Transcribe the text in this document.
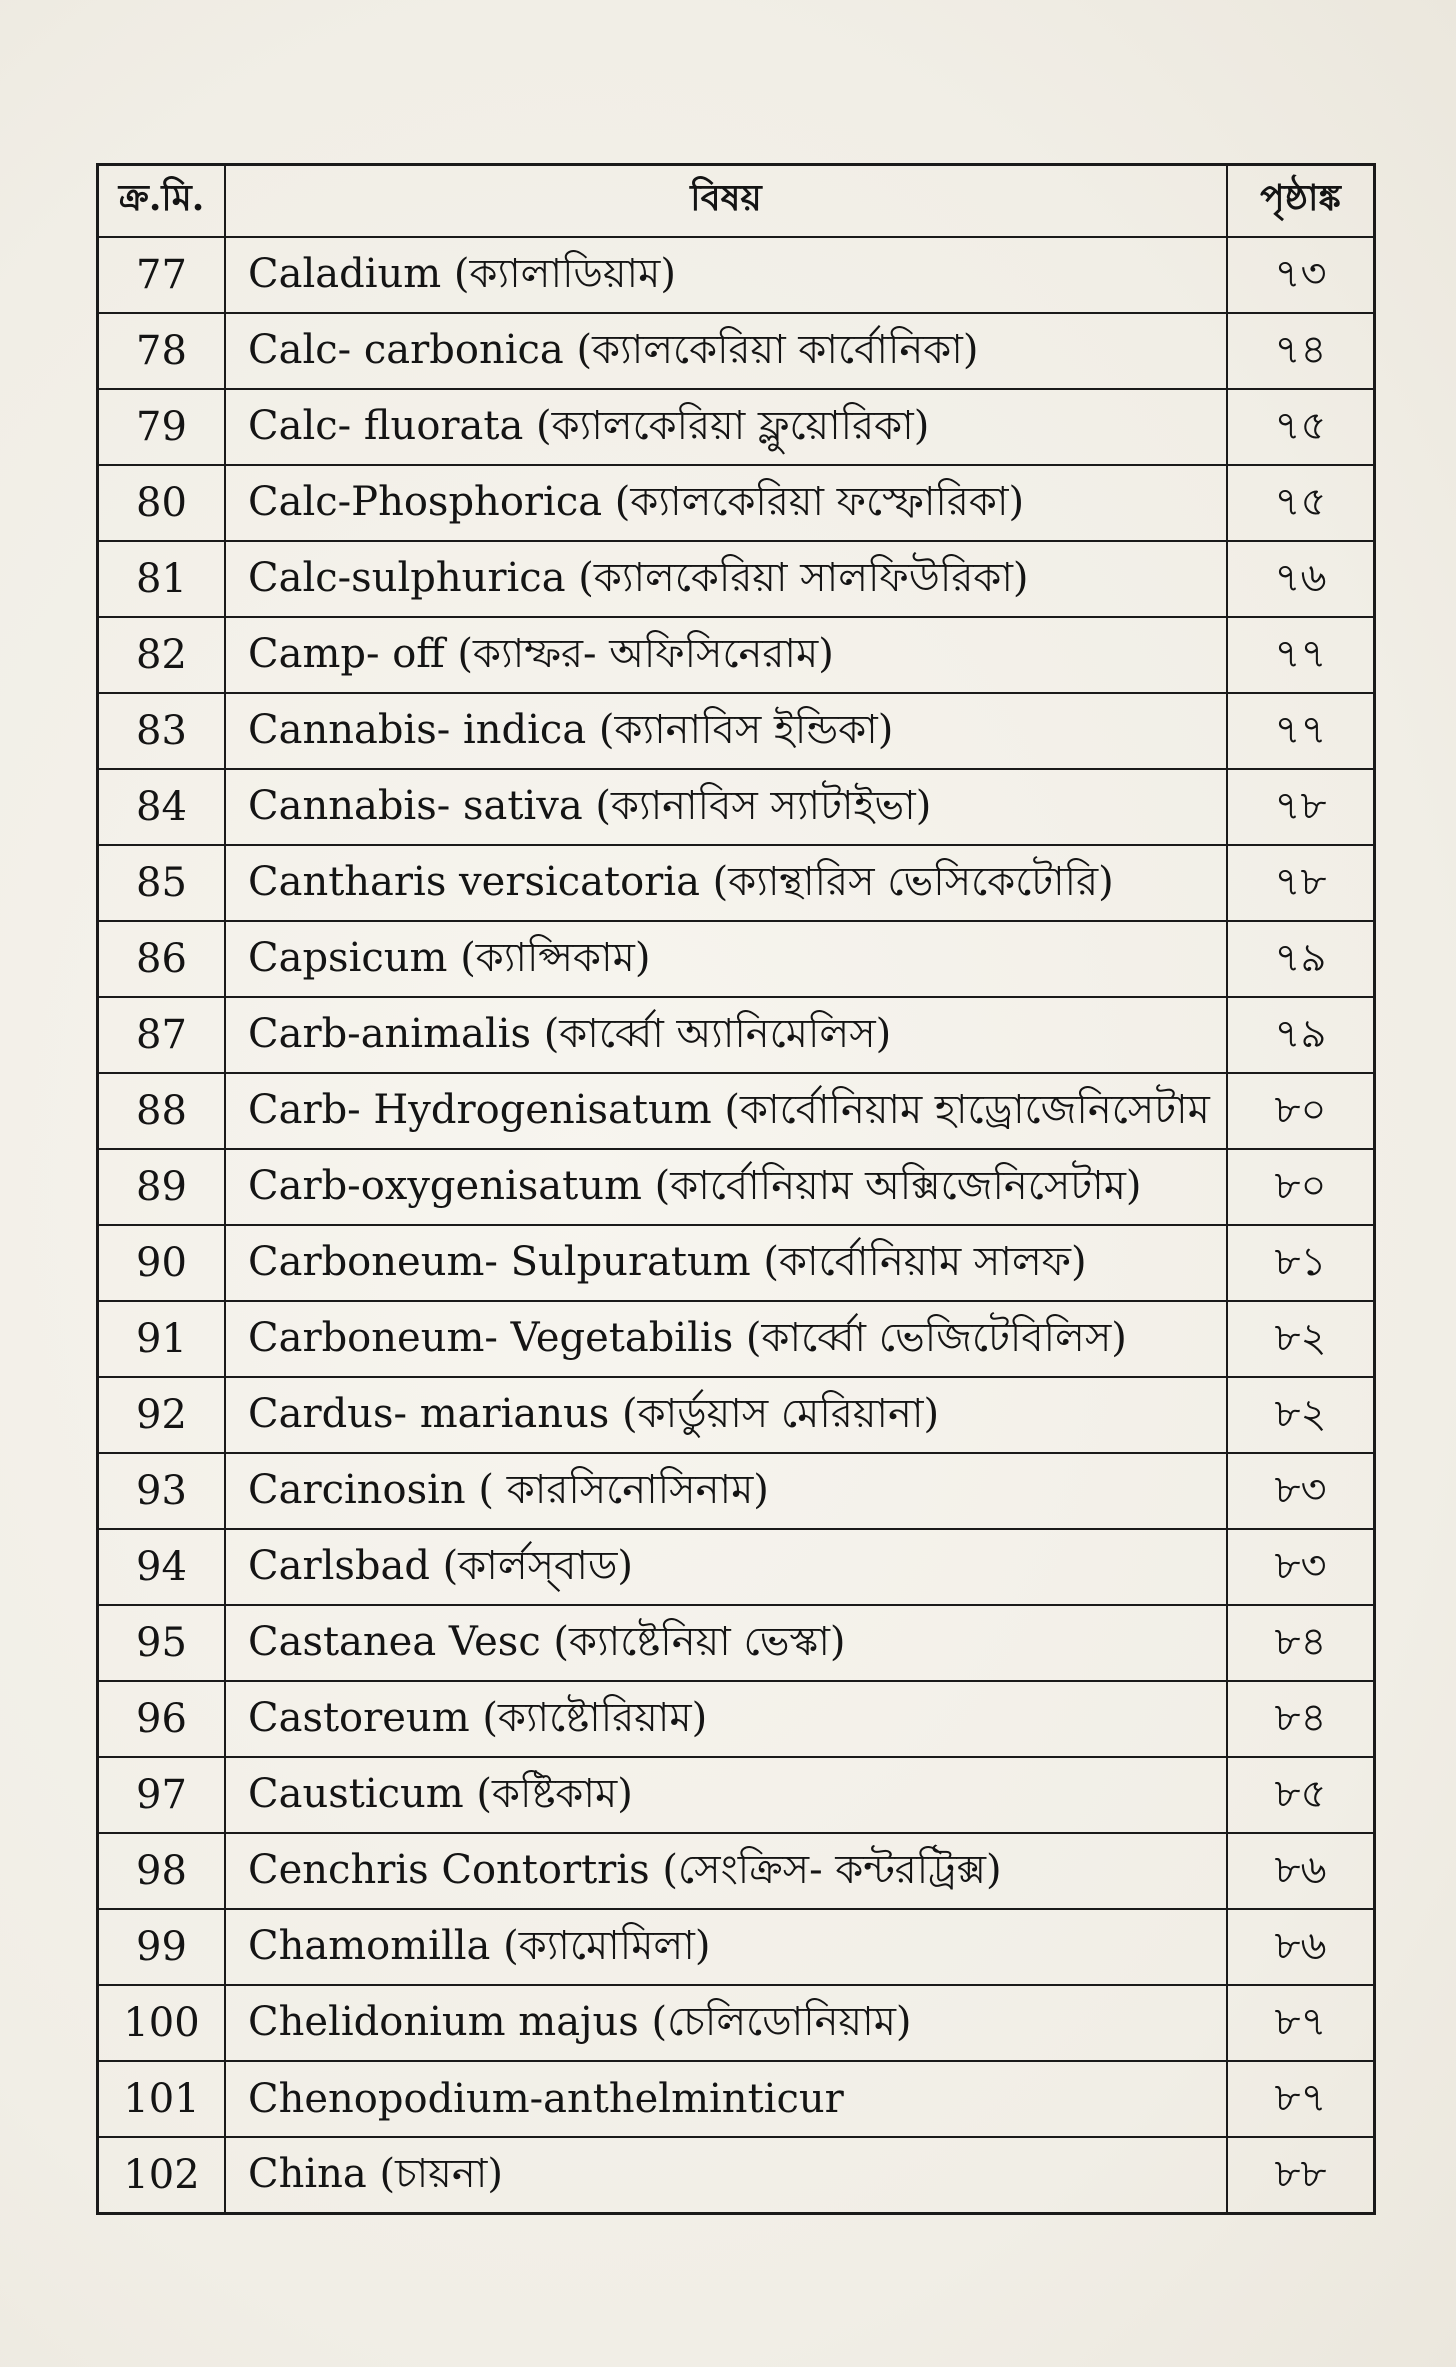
ক্র.মি.	বিষয়	পৃষ্ঠাঙ্ক
77	Caladium (ক্যালাডিয়াম)	৭৩
78	Calc- carbonica (ক্যালকেরিয়া কার্বোনিকা)	৭৪
79	Calc- fluorata (ক্যালকেরিয়া ফ্লুয়োরিকা)	৭৫
80	Calc-Phosphorica (ক্যালকেরিয়া ফস্ফোরিকা)	৭৫
81	Calc-sulphurica (ক্যালকেরিয়া সালফিউরিকা)	৭৬
82	Camp- off (ক্যাম্ফর- অফিসিনেরাম)	৭৭
83	Cannabis- indica (ক্যানাবিস ইন্ডিকা)	৭৭
84	Cannabis- sativa (ক্যানাবিস স্যাটাইভা)	৭৮
85	Cantharis versicatoria (ক্যান্থারিস ভেসিকেটোরি)	৭৮
86	Capsicum (ক্যাপ্সিকাম)	৭৯
87	Carb-animalis (কার্ব্বো অ্যানিমেলিস)	৭৯
88	Carb- Hydrogenisatum (কার্বোনিয়াম হাড্রোজেনিসেটাম	৮০
89	Carb-oxygenisatum (কার্বোনিয়াম অক্সিজেনিসেটাম)	৮০
90	Carboneum- Sulpuratum (কার্বোনিয়াম সালফ)	৮১
91	Carboneum- Vegetabilis (কার্ব্বো ভেজিটেবিলিস)	৮২
92	Cardus- marianus (কার্ডুয়াস মেরিয়ানা)	৮২
93	Carcinosin ( কারসিনোসিনাম)	৮৩
94	Carlsbad (কার্লস্‌বাড)	৮৩
95	Castanea Vesc (ক্যাষ্টেনিয়া ভেস্কা)	৮৪
96	Castoreum (ক্যাষ্টোরিয়াম)	৮৪
97	Causticum (কষ্টিকাম)	৮৫
98	Cenchris Contortris (সেংক্রিস- কন্টরট্রিক্স)	৮৬
99	Chamomilla (ক্যামোমিলা)	৮৬
100	Chelidonium majus (চেলিডোনিয়াম)	৮৭
101	Chenopodium-anthelminticur	৮৭
102	China (চায়না)	৮৮
